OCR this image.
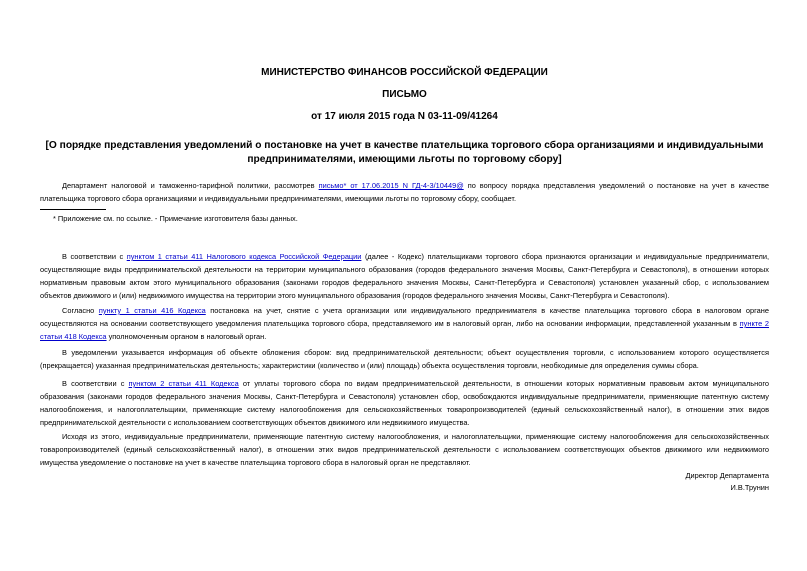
МИНИСТЕРСТВО ФИНАНСОВ РОССИЙСКОЙ ФЕДЕРАЦИИ
ПИСЬМО
от 17 июля 2015 года N 03-11-09/41264
[О порядке представления уведомлений о постановке на учет в качестве плательщика торгового сбора организациями и индивидуальными предпринимателями, имеющими льготы по торговому сбору]
Департамент налоговой и таможенно-тарифной политики, рассмотрев письмо* от 17.06.2015 N ГД-4-3/10449@ по вопросу порядка представления уведомлений о постановке на учет в качестве плательщика торгового сбора организациями и индивидуальными предпринимателями, имеющими льготы по торговому сбору, сообщает.
* Приложение см. по ссылке. - Примечание изготовителя базы данных.
В соответствии с пунктом 1 статьи 411 Налогового кодекса Российской Федерации (далее - Кодекс) плательщиками торгового сбора признаются организации и индивидуальные предприниматели, осуществляющие виды предпринимательской деятельности на территории муниципального образования (городов федерального значения Москвы, Санкт-Петербурга и Севастополя), в отношении которых нормативным правовым актом этого муниципального образования (законами городов федерального значения Москвы, Санкт-Петербурга и Севастополя) установлен указанный сбор, с использованием объектов движимого и (или) недвижимого имущества на территории этого муниципального образования (городов федерального значения Москвы, Санкт-Петербурга и Севастополя).
Согласно пункту 1 статьи 416 Кодекса постановка на учет, снятие с учета организации или индивидуального предпринимателя в качестве плательщика торгового сбора в налоговом органе осуществляются на основании соответствующего уведомления плательщика торгового сбора, представляемого им в налоговый орган, либо на основании информации, представленной указанным в пункте 2 статьи 418 Кодекса уполномоченным органом в налоговый орган.
В уведомлении указывается информация об объекте обложения сбором: вид предпринимательской деятельности; объект осуществления торговли, с использованием которого осуществляется (прекращается) указанная предпринимательская деятельность; характеристики (количество и (или) площадь) объекта осуществления торговли, необходимые для определения суммы сбора.
В соответствии с пунктом 2 статьи 411 Кодекса от уплаты торгового сбора по видам предпринимательской деятельности, в отношении которых нормативным правовым актом муниципального образования (законами городов федерального значения Москвы, Санкт-Петербурга и Севастополя) установлен сбор, освобождаются индивидуальные предприниматели, применяющие патентную систему налогообложения, и налогоплательщики, применяющие систему налогообложения для сельскохозяйственных товаропроизводителей (единый сельскохозяйственный налог), в отношении этих видов предпринимательской деятельности с использованием соответствующих объектов движимого или недвижимого имущества.
Исходя из этого, индивидуальные предприниматели, применяющие патентную систему налогообложения, и налогоплательщики, применяющие систему налогообложения для сельскохозяйственных товаропроизводителей (единый сельскохозяйственный налог), в отношении этих видов предпринимательской деятельности с использованием соответствующих объектов движимого или недвижимого имущества уведомление о постановке на учет в качестве плательщика торгового сбора в налоговый орган не представляют.
Директор Департамента
И.В.Трунин
